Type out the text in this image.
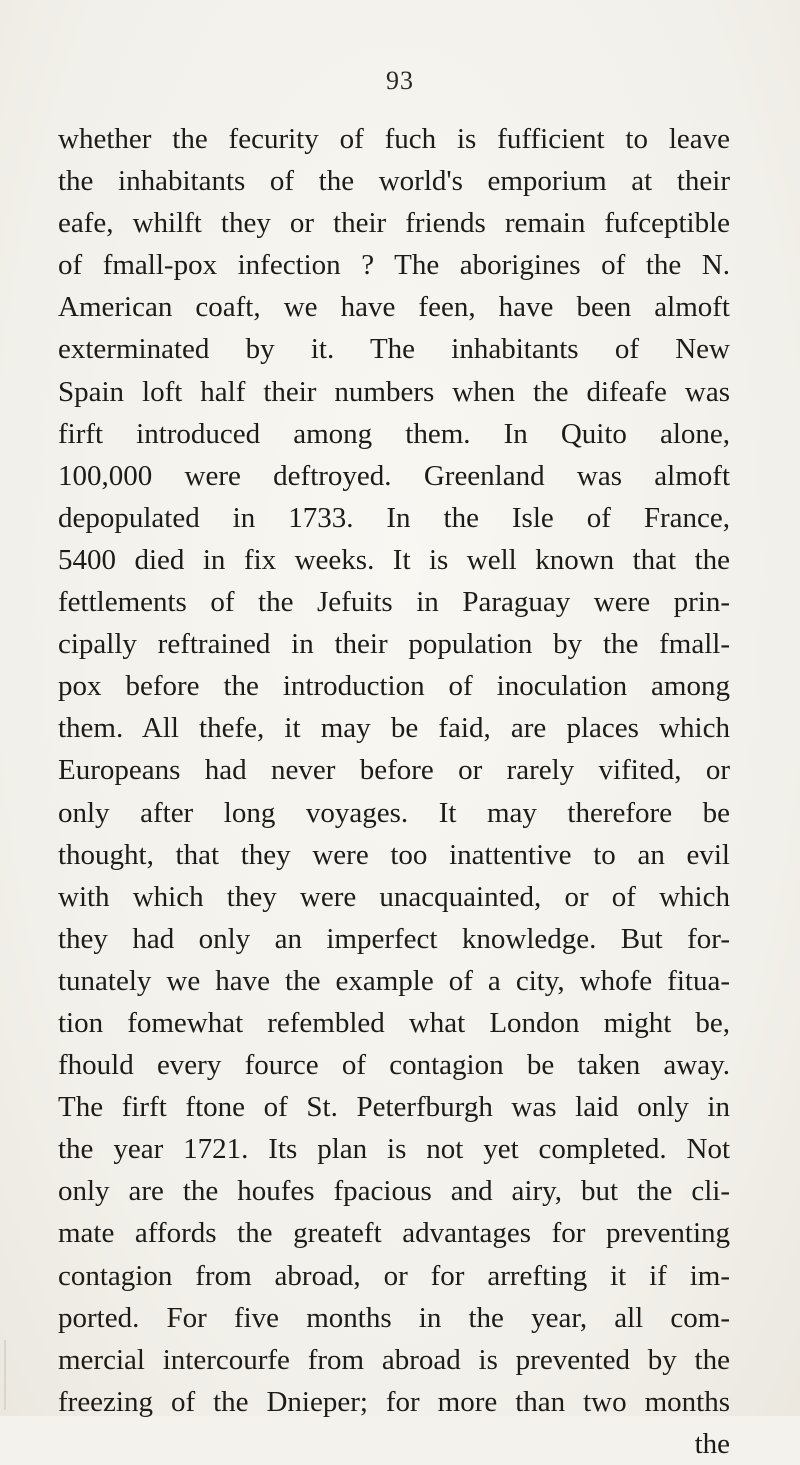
93
whether the fecurity of fuch is fufficient to leave
the inhabitants of the world's emporium at their
eafe, whilft they or their friends remain fufceptible
of fmall-pox infection ? The aborigines of the N.
American coaft, we have feen, have been almoft
exterminated by it. The inhabitants of New
Spain loft half their numbers when the difeafe was
firft introduced among them. In Quito alone,
100,000 were deftroyed. Greenland was almoft
depopulated in 1733. In the Isle of France,
5400 died in fix weeks. It is well known that the
fettlements of the Jefuits in Paraguay were prin-
cipally reftrained in their population by the fmall-
pox before the introduction of inoculation among
them. All thefe, it may be faid, are places which
Europeans had never before or rarely vifited, or
only after long voyages. It may therefore be
thought, that they were too inattentive to an evil
with which they were unacquainted, or of which
they had only an imperfect knowledge. But for-
tunately we have the example of a city, whofe fitua-
tion fomewhat refembled what London might be,
fhould every fource of contagion be taken away.
The firft ftone of St. Peterfburgh was laid only in
the year 1721. Its plan is not yet completed. Not
only are the houfes fpacious and airy, but the cli-
mate affords the greateft advantages for preventing
contagion from abroad, or for arrefting it if im-
ported. For five months in the year, all com-
mercial intercourfe from abroad is prevented by the
freezing of the Dnieper; for more than two months
the
